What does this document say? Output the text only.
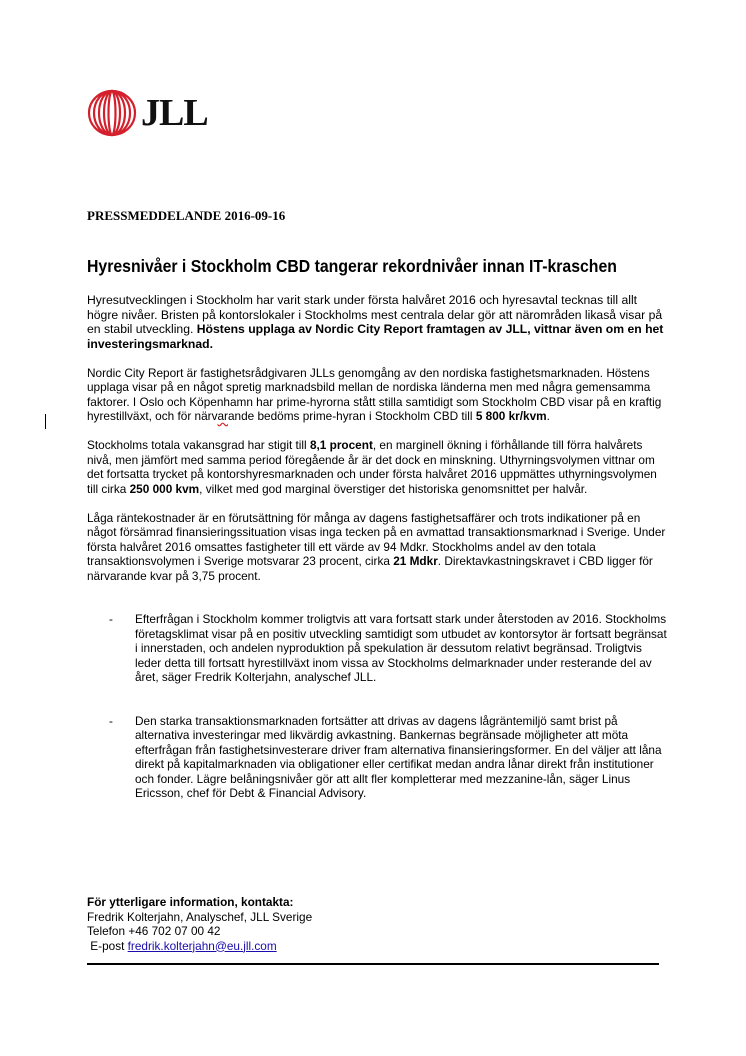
JLL
PRESSMEDDELANDE 2016-09-16
Hyresnivåer i Stockholm CBD tangerar rekordnivåer innan IT-kraschen

Hyresutvecklingen i Stockholm har varit stark under första halvåret 2016 och hyresavtal tecknas till allt högre nivåer. Bristen på kontorslokaler i Stockholms mest centrala delar gör att närområden likaså visar på en stabil utveckling. Höstens upplaga av Nordic City Report framtagen av JLL, vittnar även om en het investeringsmarknad.

Nordic City Report är fastighetsrådgivaren JLLs genomgång av den nordiska fastighetsmarknaden. Höstens upplaga visar på en något spretig marknadsbild mellan de nordiska länderna men med några gemensamma faktorer. I Oslo och Köpenhamn har prime-hyrorna stått stilla samtidigt som Stockholm CBD visar på en kraftig hyrestillväxt, och för närvarande bedöms prime-hyran i Stockholm CBD till 5 800 kr/kvm.

Stockholms totala vakansgrad har stigit till 8,1 procent, en marginell ökning i förhållande till förra halvårets nivå, men jämfört med samma period föregående år är det dock en minskning. Uthyrningsvolymen vittnar om det fortsatta trycket på kontorshyresmarknaden och under första halvåret 2016 uppmättes uthyrningsvolymen till cirka 250 000 kvm, vilket med god marginal överstiger det historiska genomsnittet per halvår.

Låga räntekostnader är en förutsättning för många av dagens fastighetsaffärer och trots indikationer på en något försämrad finansieringssituation visas inga tecken på en avmattad transaktionsmarknad i Sverige. Under första halvåret 2016 omsattes fastigheter till ett värde av 94 Mdkr. Stockholms andel av den totala transaktionsvolymen i Sverige motsvarar 23 procent, cirka 21 Mdkr. Direktavkastningskravet i CBD ligger för närvarande kvar på 3,75 procent.

- Efterfrågan i Stockholm kommer troligtvis att vara fortsatt stark under återstoden av 2016. Stockholms företagsklimat visar på en positiv utveckling samtidigt som utbudet av kontorsytor är fortsatt begränsat i innerstaden, och andelen nyproduktion på spekulation är dessutom relativt begränsad. Troligtvis leder detta till fortsatt hyrestillväxt inom vissa av Stockholms delmarknader under resterande del av året, säger Fredrik Kolterjahn, analyschef JLL.
- Den starka transaktionsmarknaden fortsätter att drivas av dagens lågräntemiljö samt brist på alternativa investeringar med likvärdig avkastning. Bankernas begränsade möjligheter att möta efterfrågan från fastighetsinvesterare driver fram alternativa finansieringsformer. En del väljer att låna direkt på kapitalmarknaden via obligationer eller certifikat medan andra lånar direkt från institutioner och fonder. Lägre belåningsnivåer gör att allt fler kompletterar med mezzanine-lån, säger Linus Ericsson, chef för Debt & Financial Advisory.
För ytterligare information, kontakta:
Fredrik Kolterjahn, Analyschef, JLL Sverige
Telefon +46 702 07 00 42
E-post fredrik.kolterjahn@eu.jll.com
